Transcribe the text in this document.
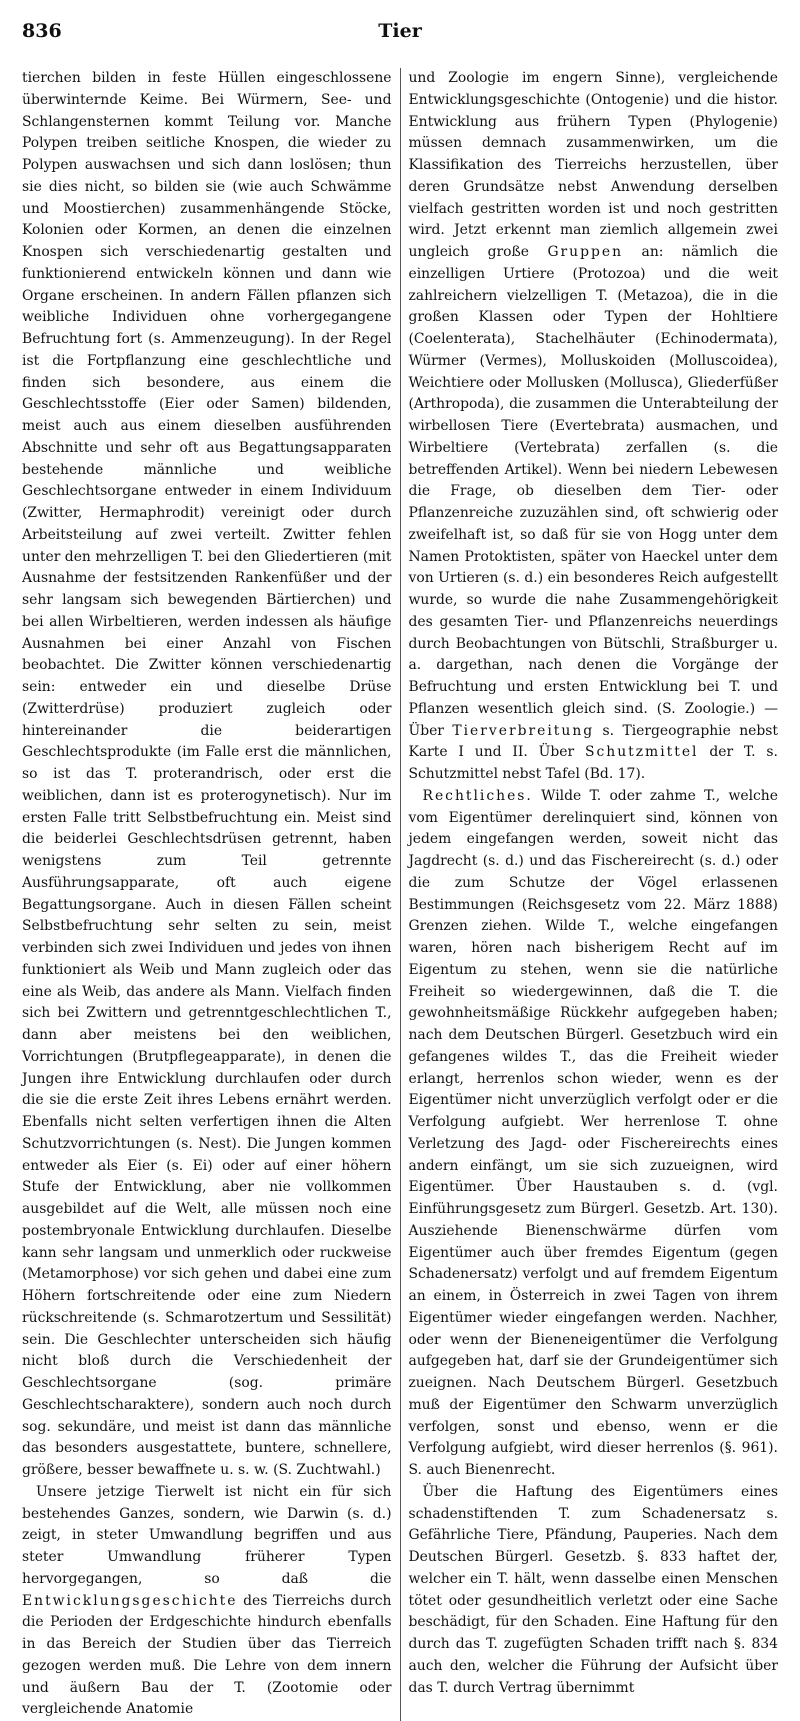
836	Tier

tierchen bilden in feste Hüllen eingeschlossene überwinternde Keime. Bei Würmern, See- und Schlangensternen kommt Teilung vor. Manche Polypen treiben seitliche Knospen, die wieder zu Polypen auswachsen und sich dann loslösen; thun sie dies nicht, so bilden sie (wie auch Schwämme und Moostierchen) zusammenhängende Stöcke, Kolonien oder Kormen, an denen die einzelnen Knospen sich verschiedenartig gestalten und funktionierend entwickeln können und dann wie Organe erscheinen. In andern Fällen pflanzen sich weibliche Individuen ohne vorhergegangene Befruchtung fort (s. Ammenzeugung). In der Regel ist die Fortpflanzung eine geschlechtliche und finden sich besondere, aus einem die Geschlechtsstoffe (Eier oder Samen) bildenden, meist auch aus einem dieselben ausführenden Abschnitte und sehr oft aus Begattungsapparaten bestehende männliche und weibliche Geschlechtsorgane entweder in einem Individuum (Zwitter, Hermaphrodit) vereinigt oder durch Arbeitsteilung auf zwei verteilt. Zwitter fehlen unter den mehrzelligen T. bei den Gliedertieren (mit Ausnahme der festsitzenden Rankenfüßer und der sehr langsam sich bewegenden Bärtierchen) und bei allen Wirbeltieren, werden indessen als häufige Ausnahmen bei einer Anzahl von Fischen beobachtet. Die Zwitter können verschiedenartig sein: entweder ein und dieselbe Drüse (Zwitterdrüse) produziert zugleich oder hintereinander die beiderartigen Geschlechtsprodukte (im Falle erst die männlichen, so ist das T. proterandrisch, oder erst die weiblichen, dann ist es proterogynetisch). Nur im ersten Falle tritt Selbstbefruchtung ein. Meist sind die beiderlei Geschlechtsdrüsen getrennt, haben wenigstens zum Teil getrennte Ausführungsapparate, oft auch eigene Begattungsorgane. Auch in diesen Fällen scheint Selbstbefruchtung sehr selten zu sein, meist verbinden sich zwei Individuen und jedes von ihnen funktioniert als Weib und Mann zugleich oder das eine als Weib, das andere als Mann. Vielfach finden sich bei Zwittern und getrenntgeschlechtlichen T., dann aber meistens bei den weiblichen, Vorrichtungen (Brutpflegeapparate), in denen die Jungen ihre Entwicklung durchlaufen oder durch die sie die erste Zeit ihres Lebens ernährt werden. Ebenfalls nicht selten verfertigen ihnen die Alten Schutzvorrichtungen (s. Nest). Die Jungen kommen entweder als Eier (s. Ei) oder auf einer höhern Stufe der Entwicklung, aber nie vollkommen ausgebildet auf die Welt, alle müssen noch eine postembryonale Entwicklung durchlaufen. Dieselbe kann sehr langsam und unmerklich oder ruckweise (Metamorphose) vor sich gehen und dabei eine zum Höhern fortschreitende oder eine zum Niedern rückschreitende (s. Schmarotzertum und Sessilität) sein. Die Geschlechter unterscheiden sich häufig nicht bloß durch die Verschiedenheit der Geschlechtsorgane (sog. primäre Geschlechtscharaktere), sondern auch noch durch sog. sekundäre, und meist ist dann das männliche das besonders ausgestattete, buntere, schnellere, größere, besser bewaffnete u. s. w. (S. Zuchtwahl.)

Unsere jetzige Tierwelt ist nicht ein für sich bestehendes Ganzes, sondern, wie Darwin (s. d.) zeigt, in steter Umwandlung begriffen und aus steter Umwandlung früherer Typen hervorgegangen, so daß die Entwicklungsgeschichte des Tierreichs durch die Perioden der Erdgeschichte hindurch ebenfalls in das Bereich der Studien über das Tierreich gezogen werden muß. Die Lehre von dem innern und äußern Bau der T. (Zootomie oder vergleichende Anatomie

und Zoologie im engern Sinne), vergleichende Entwicklungsgeschichte (Ontogenie) und die histor. Entwicklung aus frühern Typen (Phylogenie) müssen demnach zusammenwirken, um die Klassifikation des Tierreichs herzustellen, über deren Grundsätze nebst Anwendung derselben vielfach gestritten worden ist und noch gestritten wird. Jetzt erkennt man ziemlich allgemein zwei ungleich große Gruppen an: nämlich die einzelligen Urtiere (Protozoa) und die weit zahlreichern vielzelligen T. (Metazoa), die in die großen Klassen oder Typen der Hohltiere (Coelenterata), Stachelhäuter (Echinodermata), Würmer (Vermes), Molluskoiden (Molluscoidea), Weichtiere oder Mollusken (Mollusca), Gliederfüßer (Arthropoda), die zusammen die Unterabteilung der wirbellosen Tiere (Evertebrata) ausmachen, und Wirbeltiere (Vertebrata) zerfallen (s. die betreffenden Artikel). Wenn bei niedern Lebewesen die Frage, ob dieselben dem Tier- oder Pflanzenreiche zuzuzählen sind, oft schwierig oder zweifelhaft ist, so daß für sie von Hogg unter dem Namen Protoktisten, später von Haeckel unter dem von Urtieren (s. d.) ein besonderes Reich aufgestellt wurde, so wurde die nahe Zusammengehörigkeit des gesamten Tier- und Pflanzenreichs neuerdings durch Beobachtungen von Bütschli, Straßburger u. a. dargethan, nach denen die Vorgänge der Befruchtung und ersten Entwicklung bei T. und Pflanzen wesentlich gleich sind. (S. Zoologie.) — Über Tierverbreitung s. Tiergeographie nebst Karte I und II. Über Schutzmittel der T. s. Schutzmittel nebst Tafel (Bd. 17).

Rechtliches. Wilde T. oder zahme T., welche vom Eigentümer derelinquiert sind, können von jedem eingefangen werden, soweit nicht das Jagdrecht (s. d.) und das Fischereirecht (s. d.) oder die zum Schutze der Vögel erlassenen Bestimmungen (Reichsgesetz vom 22. März 1888) Grenzen ziehen. Wilde T., welche eingefangen waren, hören nach bisherigem Recht auf im Eigentum zu stehen, wenn sie die natürliche Freiheit so wiedergewinnen, daß die T. die gewohnheitsmäßige Rückkehr aufgegeben haben; nach dem Deutschen Bürgerl. Gesetzbuch wird ein gefangenes wildes T., das die Freiheit wieder erlangt, herrenlos schon wieder, wenn es der Eigentümer nicht unverzüglich verfolgt oder er die Verfolgung aufgiebt. Wer herrenlose T. ohne Verletzung des Jagd- oder Fischereirechts eines andern einfängt, um sie sich zuzueignen, wird Eigentümer. Über Haustauben s. d. (vgl. Einführungsgesetz zum Bürgerl. Gesetzb. Art. 130). Ausziehende Bienenschwärme dürfen vom Eigentümer auch über fremdes Eigentum (gegen Schadenersatz) verfolgt und auf fremdem Eigentum an einem, in Österreich in zwei Tagen von ihrem Eigentümer wieder eingefangen werden. Nachher, oder wenn der Bieneneigentümer die Verfolgung aufgegeben hat, darf sie der Grundeigentümer sich zueignen. Nach Deutschem Bürgerl. Gesetzbuch muß der Eigentümer den Schwarm unverzüglich verfolgen, sonst und ebenso, wenn er die Verfolgung aufgiebt, wird dieser herrenlos (§. 961). S. auch Bienenrecht.

Über die Haftung des Eigentümers eines schadenstiftenden T. zum Schadenersatz s. Gefährliche Tiere, Pfändung, Pauperies. Nach dem Deutschen Bürgerl. Gesetzb. §. 833 haftet der, welcher ein T. hält, wenn dasselbe einen Menschen tötet oder gesundheitlich verletzt oder eine Sache beschädigt, für den Schaden. Eine Haftung für den durch das T. zugefügten Schaden trifft nach §. 834 auch den, welcher die Führung der Aufsicht über das T. durch Vertrag übernimmt
